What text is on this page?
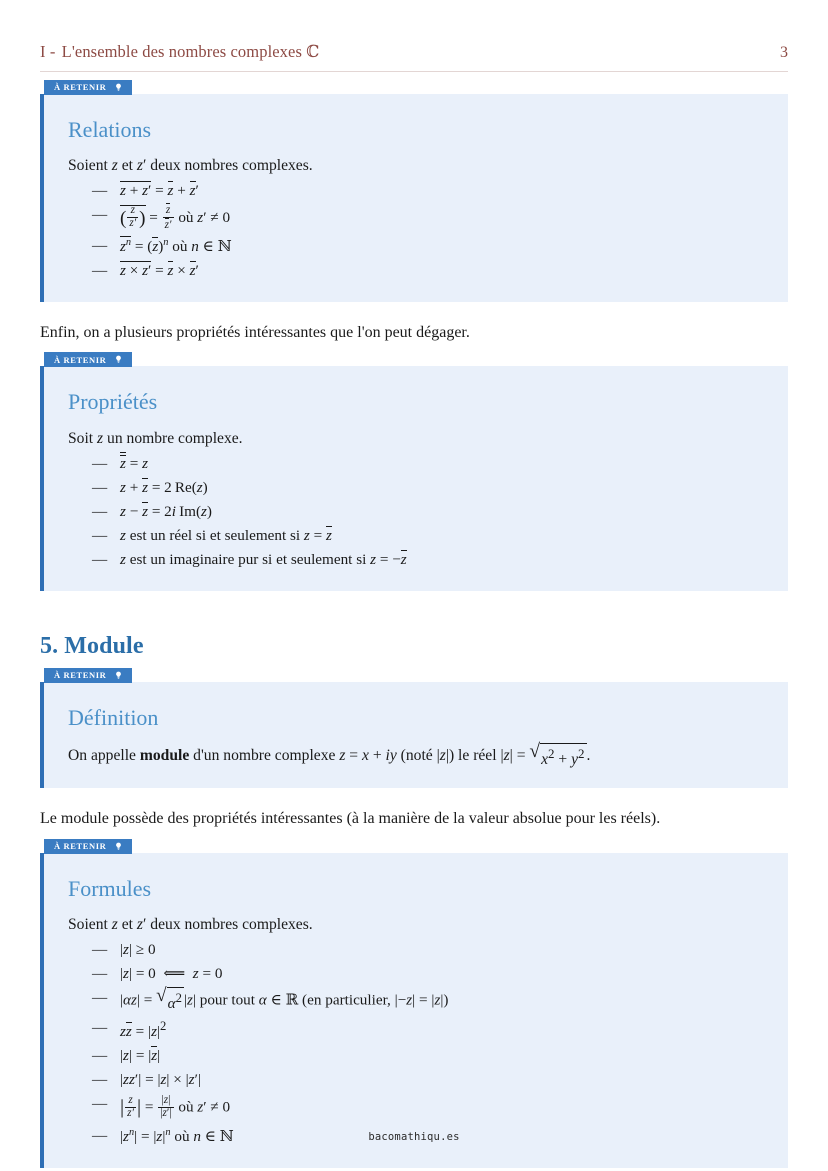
I - L'ensemble des nombres complexes ℂ	3
À RETENIR
Relations
Soient z et z′ deux nombres complexes.
— z + z′ = z + z′
— ( $\frac{z}{z'}$ ) = $\frac{z}{z'}$ où z′ ≠ 0
— $z^n = (z)^n$ où n ∈ ℕ
— z × z′ = z × z′
Enfin, on a plusieurs propriétés intéressantes que l'on peut dégager.
À RETENIR
Propriétés
Soit z un nombre complexe.
— z = z
— z + z = 2 Re(z)
— z − z = 2i  Im(z)
— z est un réel si et seulement si z = z
— z est un imaginaire pur si et seulement si z = −z
5. Module
À RETENIR
Définition
On appelle module d'un nombre complexe z = x + iy (noté |z|) le réel |z| = √ $x^2 + y^2$ .
Le module possède des propriétés intéressantes (à la manière de la valeur absolue pour les réels).
À RETENIR
Formules
Soient z et z′ deux nombres complexes.
— |z| ≥ 0
— |z| = 0  ⟸  z = 0
— |αz| = √ $\alpha^2$ |z| pour tout α ∈ ℝ (en particulier, |−z| = |z|)
— zz = $|z|^2$
— |z| = |z|
— |zz′| = |z| × |z′|
— | $\frac{z}{z'}$ | = $\frac{|z|}{|z'|}$ où z′ ≠ 0
— $|z^n| = |z|^n$ où n ∈ ℕ	bacomathiqu.es
